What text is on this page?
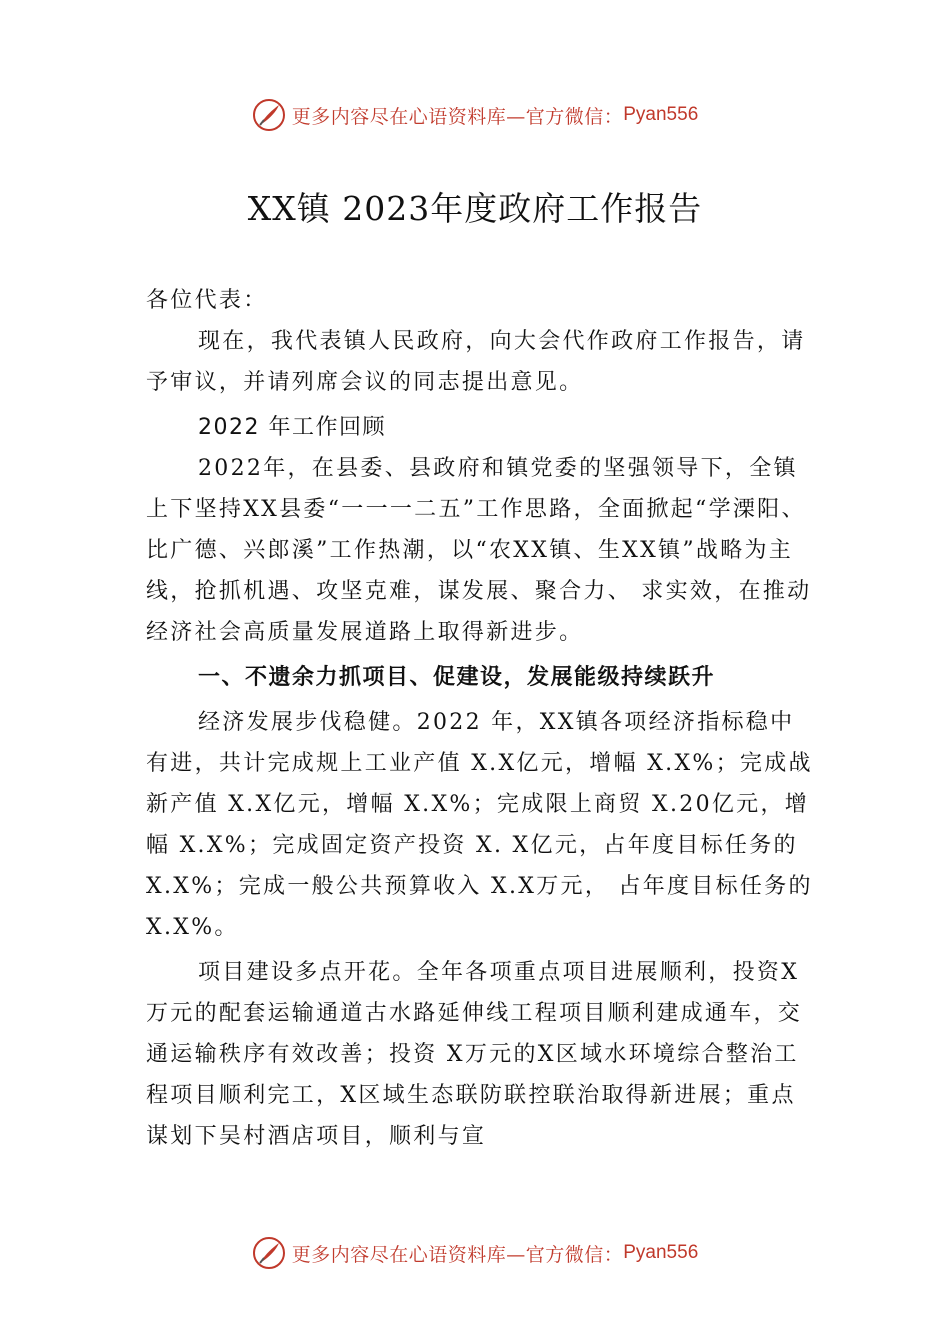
更多内容尽在心语资料库—官方微信： Pyan556
XX镇 2023年度政府工作报告

各位代表：

现在，我代表镇人民政府，向大会代作政府工作报告，请予审议，并请列席会议的同志提出意见。

2022 年工作回顾

2022年，在县委、县政府和镇党委的坚强领导下，全镇上下坚持XX县委“一一一二五”工作思路，全面掀起“学溧阳、比广德、兴郎溪”工作热潮，以“农XX镇、生XX镇”战略为主线，抢抓机遇、攻坚克难，谋发展、聚合力、 求实效，在推动经济社会高质量发展道路上取得新进步。

一、不遗余力抓项目、促建设，发展能级持续跃升

经济发展步伐稳健。2022 年，XX镇各项经济指标稳中有进，共计完成规上工业产值 X.X亿元，增幅 X.X%；完成战新产值 X.X亿元，增幅 X.X%；完成限上商贸 X.20亿元，增幅 X.X%；完成固定资产投资 X. X亿元，占年度目标任务的 X.X%；完成一般公共预算收入 X.X万元， 占年度目标任务的 X.X%。

项目建设多点开花。全年各项重点项目进展顺利，投资X 万元的配套运输通道古水路延伸线工程项目顺利建成通车，交通运输秩序有效改善；投资 X万元的X区域水环境综合整治工程项目顺利完工，X区域生态联防联控联治取得新进展；重点谋划下吴村酒店项目，顺利与宣

更多内容尽在心语资料库—官方微信： Pyan556
